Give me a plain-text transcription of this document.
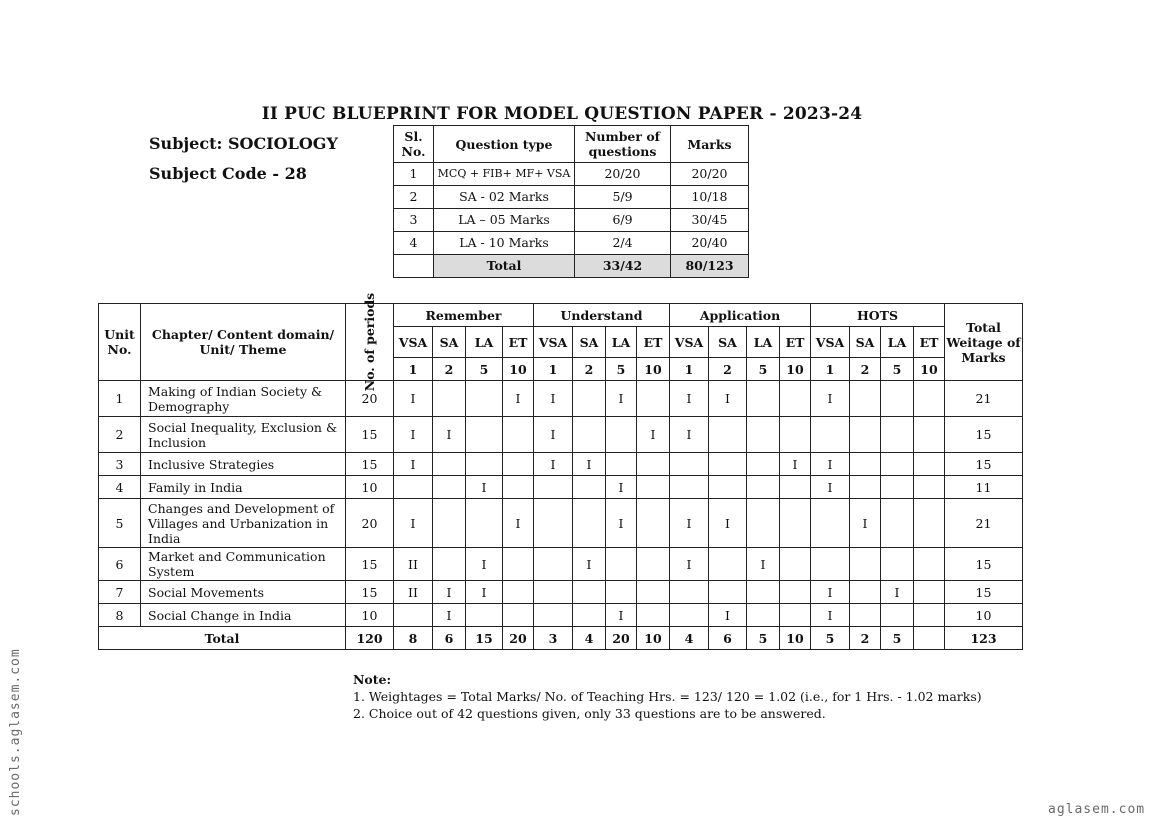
II PUC BLUEPRINT FOR MODEL QUESTION PAPER - 2023-24
Subject: SOCIOLOGY
Subject Code - 28
Sl. No.	Question type	Number of questions	Marks
1	MCQ + FIB+ MF+ VSA	20/20	20/20
2	SA - 02 Marks	5/9	10/18
3	LA – 05 Marks	6/9	30/45
4	LA - 10 Marks	2/4	20/40
	Total	33/42	80/123
Unit No.	Chapter/ Content domain/ Unit/ Theme	No. of periods	Remember				Understand				Application				HOTS				Total Weitage of Marks
			VSA	SA	LA	ET	VSA	SA	LA	ET	VSA	SA	LA	ET	VSA	SA	LA	ET	
			1	2	5	10	1	2	5	10	1	2	5	10	1	2	5	10	
1	Making of Indian Society & Demography	20	I			I	I		I		I	I			I				21
2	Social Inequality, Exclusion & Inclusion	15	I	I			I			I	I								15
3	Inclusive Strategies	15	I				I	I						I	I				15
4	Family in India	10			I				I						I				11
5	Changes and Development of Villages and Urbanization in India	20	I			I			I		I	I				I			21
6	Market and Communication System	15	II		I			I			I		I						15
7	Social Movements	15	II	I	I										I		I		15
8	Social Change in India	10		I					I			I			I				10
Total		120	8	6	15	20	3	4	20	10	4	6	5	10	5	2	5		123
Note:
1. Weightages = Total Marks/ No. of Teaching Hrs. = 123/ 120 = 1.02 (i.e., for 1 Hrs. - 1.02 marks)
2. Choice out of 42 questions given, only 33 questions are to be answered.
schools.aglasem.com	aglasem.com
